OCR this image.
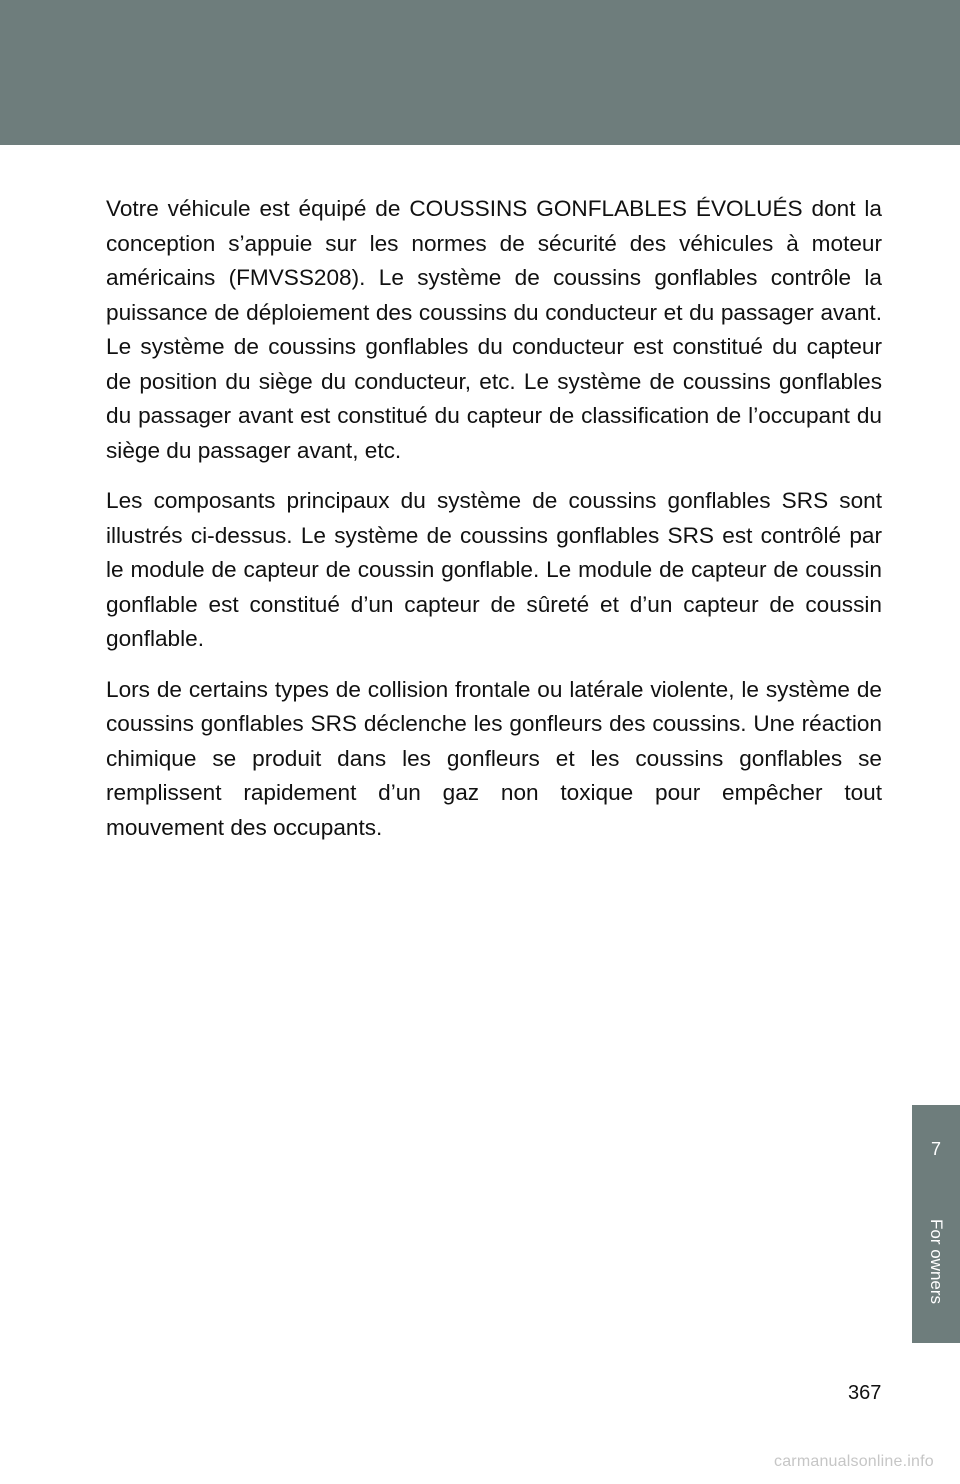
Votre véhicule est équipé de COUSSINS GONFLABLES ÉVOLUÉS dont la conception s’appuie sur les normes de sécurité des véhicules à moteur américains (FMVSS208). Le système de coussins gonflables contrôle la puissance de déploiement des coussins du conducteur et du passager avant. Le système de coussins gonflables du conducteur est constitué du capteur de position du siège du conducteur, etc. Le système de coussins gonflables du passager avant est constitué du capteur de classification de l’occupant du siège du passager avant, etc.

Les composants principaux du système de coussins gonflables SRS sont illustrés ci-dessus. Le système de coussins gonflables SRS est contrôlé par le module de capteur de coussin gonflable. Le module de capteur de coussin gonflable est constitué d’un capteur de sûreté et d’un capteur de coussin gonflable.

Lors de certains types de collision frontale ou latérale violente, le système de coussins gonflables SRS déclenche les gonfleurs des coussins. Une réaction chimique se produit dans les gonfleurs et les coussins gonflables se remplissent rapidement d’un gaz non toxique pour empêcher tout mouvement des occupants.

7
For owners
367
carmanualsonline.info
